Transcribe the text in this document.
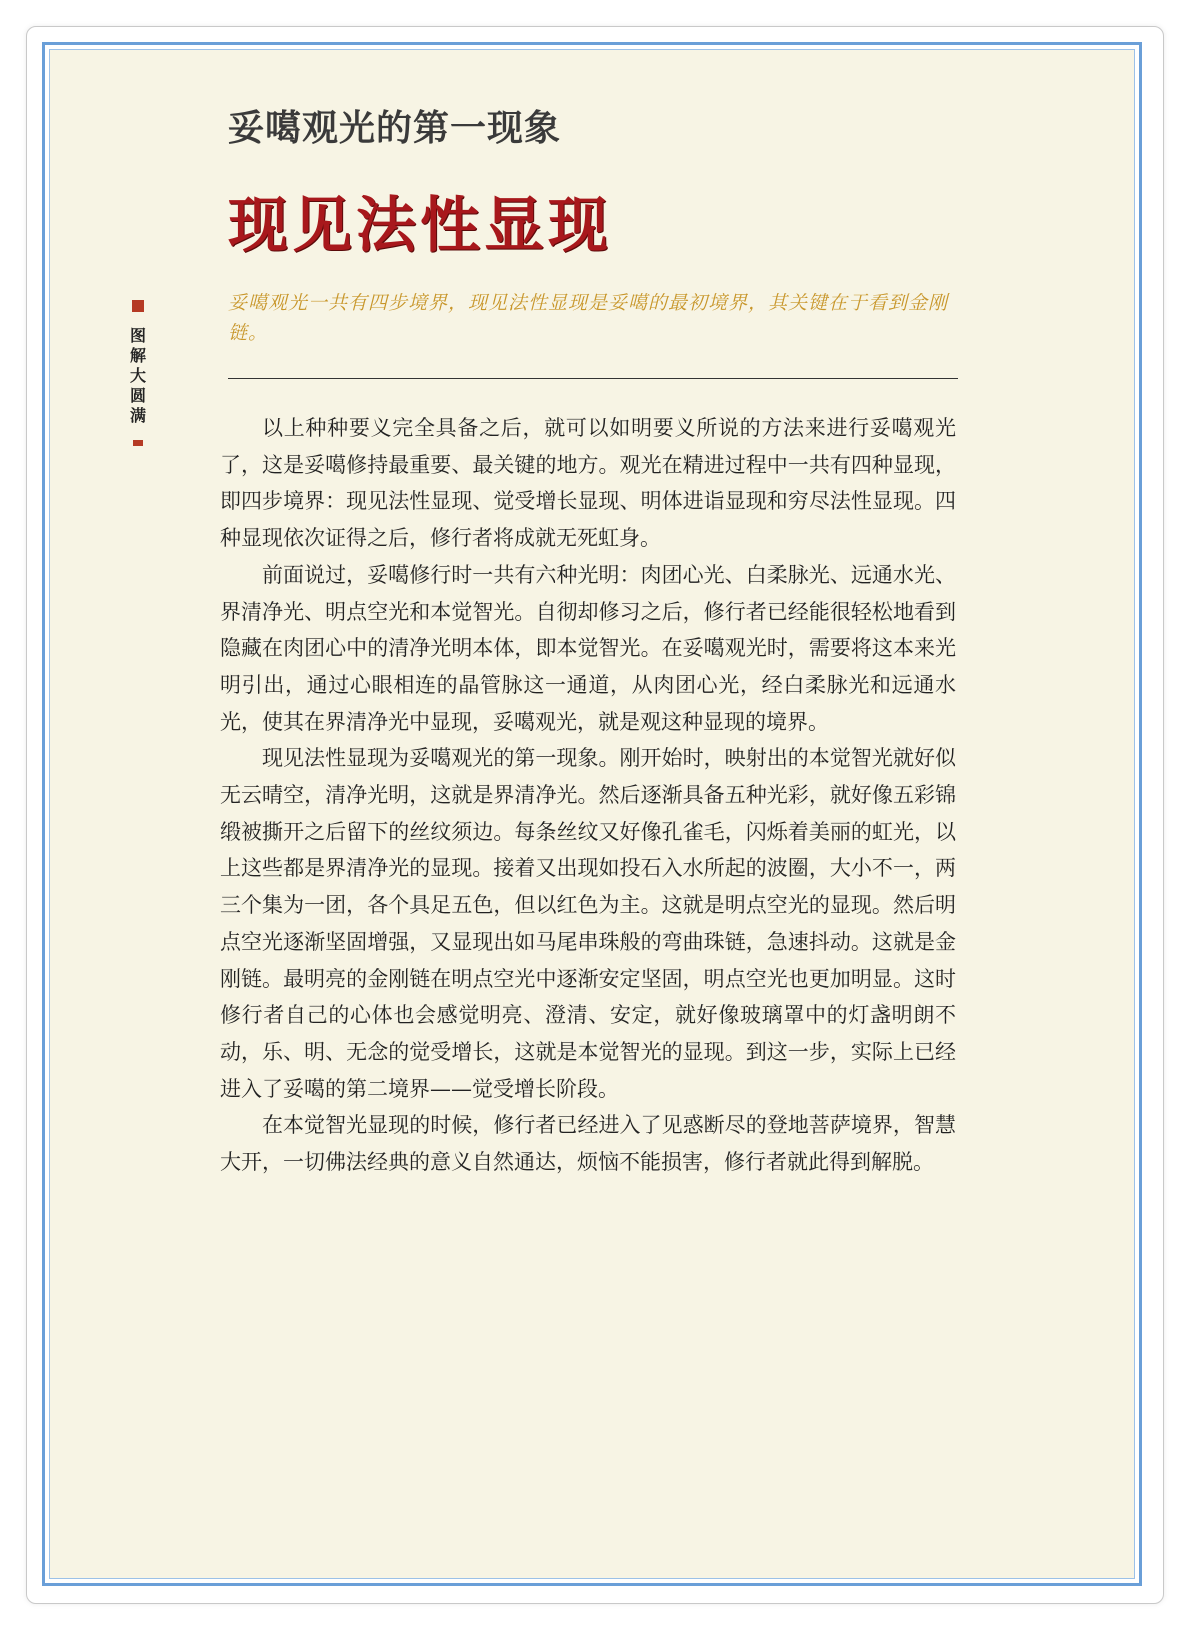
妥噶观光的第一现象
现见法性显现

妥噶观光一共有四步境界，现见法性显现是妥噶的最初境界，其关键在于看到金刚链。

图解大圆满

以上种种要义完全具备之后，就可以如明要义所说的方法来进行妥噶观光了，这是妥噶修持最重要、最关键的地方。观光在精进过程中一共有四种显现，即四步境界：现见法性显现、觉受增长显现、明体进诣显现和穷尽法性显现。四种显现依次证得之后，修行者将成就无死虹身。

前面说过，妥噶修行时一共有六种光明：肉团心光、白柔脉光、远通水光、界清净光、明点空光和本觉智光。自彻却修习之后，修行者已经能很轻松地看到隐藏在肉团心中的清净光明本体，即本觉智光。在妥噶观光时，需要将这本来光明引出，通过心眼相连的晶管脉这一通道，从肉团心光，经白柔脉光和远通水光，使其在界清净光中显现，妥噶观光，就是观这种显现的境界。

现见法性显现为妥噶观光的第一现象。刚开始时，映射出的本觉智光就好似无云晴空，清净光明，这就是界清净光。然后逐渐具备五种光彩，就好像五彩锦缎被撕开之后留下的丝纹须边。每条丝纹又好像孔雀毛，闪烁着美丽的虹光，以上这些都是界清净光的显现。接着又出现如投石入水所起的波圈，大小不一，两三个集为一团，各个具足五色，但以红色为主。这就是明点空光的显现。然后明点空光逐渐坚固增强，又显现出如马尾串珠般的弯曲珠链，急速抖动。这就是金刚链。最明亮的金刚链在明点空光中逐渐安定坚固，明点空光也更加明显。这时修行者自己的心体也会感觉明亮、澄清、安定，就好像玻璃罩中的灯盏明朗不动，乐、明、无念的觉受增长，这就是本觉智光的显现。到这一步，实际上已经进入了妥噶的第二境界——觉受增长阶段。

在本觉智光显现的时候，修行者已经进入了见惑断尽的登地菩萨境界，智慧大开，一切佛法经典的意义自然通达，烦恼不能损害，修行者就此得到解脱。
